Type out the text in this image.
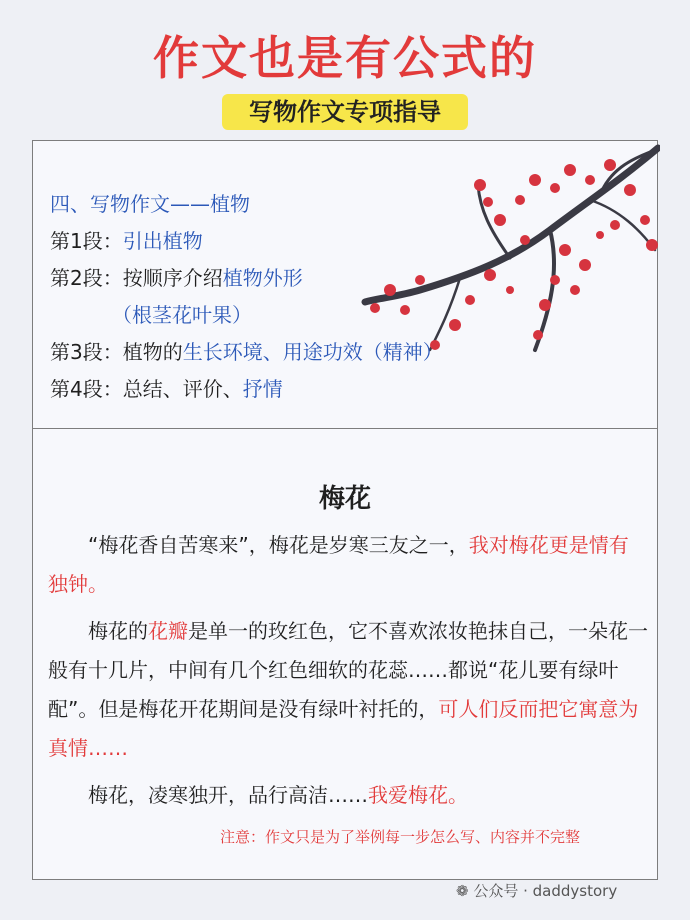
作文也是有公式的
写物作文专项指导
四、写物作文——植物
第1段：引出植物
第2段：按顺序介绍植物外形
（根茎花叶果）
第3段：植物的生长环境、用途功效（精神）
第4段：总结、评价、抒情
梅花

“梅花香自苦寒来”，梅花是岁寒三友之一，我对梅花更是情有独钟。

梅花的花瓣是单一的玫红色，它不喜欢浓妆艳抹自己，一朵花一般有十几片，中间有几个红色细软的花蕊……都说“花儿要有绿叶配”。但是梅花开花期间是没有绿叶衬托的，可人们反而把它寓意为真情……

梅花，凌寒独开，品行高洁……我爱梅花。

注意：作文只是为了举例每一步怎么写、内容并不完整
❁ 公众号 · daddystory
